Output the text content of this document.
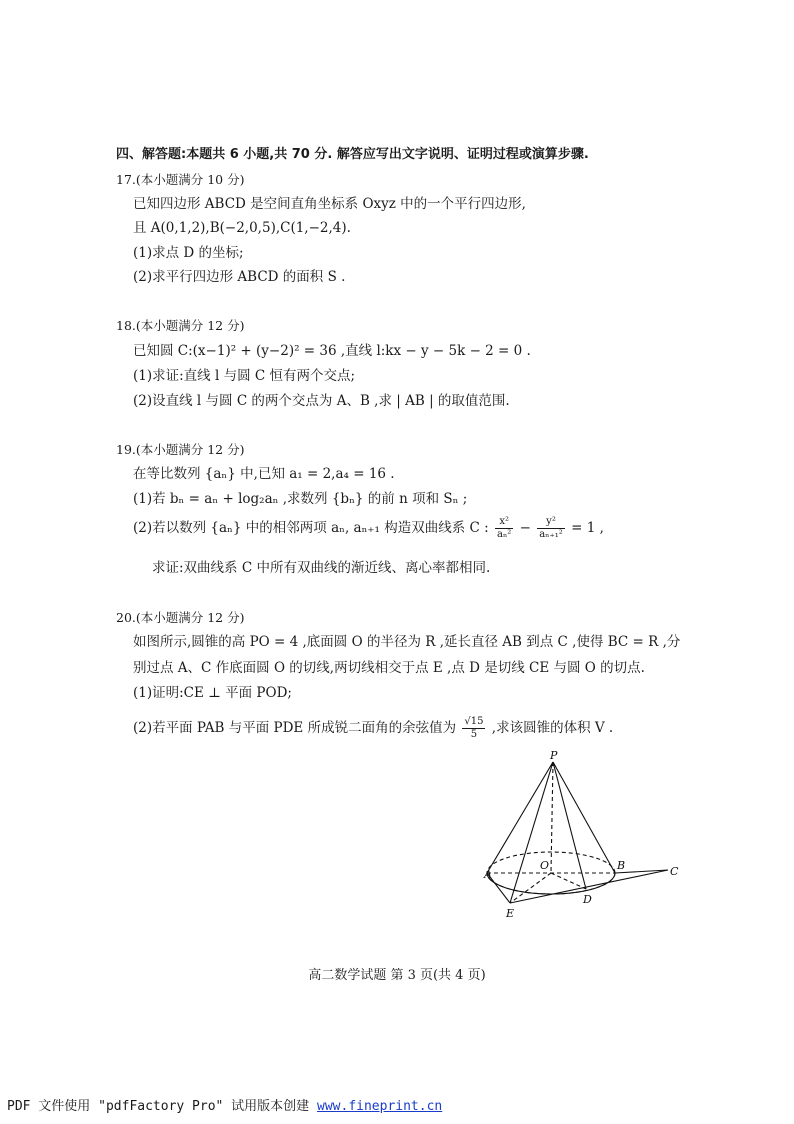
四、解答题:本题共 6 小题,共 70 分. 解答应写出文字说明、证明过程或演算步骤.
17.(本小题满分 10 分)
已知四边形 ABCD 是空间直角坐标系 Oxyz 中的一个平行四边形,
且 A(0,1,2),B(−2,0,5),C(1,−2,4).
(1)求点 D 的坐标;
(2)求平行四边形 ABCD 的面积 S .
18.(本小题满分 12 分)
已知圆 C:(x−1)² + (y−2)² = 36 ,直线 l:kx − y − 5k − 2 = 0 .
(1)求证:直线 l 与圆 C 恒有两个交点;
(2)设直线 l 与圆 C 的两个交点为 A、B ,求 | AB | 的取值范围.
19.(本小题满分 12 分)
在等比数列 {aₙ} 中,已知 a₁ = 2,a₄ = 16 .
(1)若 bₙ = aₙ + log₂aₙ ,求数列 {bₙ} 的前 n 项和 Sₙ ;
(2)若以数列 {aₙ} 中的相邻两项 aₙ, aₙ₊₁ 构造双曲线系 C : $\frac{\text{x²}}{\text{aₙ²}} - \frac{\text{y²}}{\text{aₙ₊₁²}} = 1$ ,
求证:双曲线系 C 中所有双曲线的渐近线、离心率都相同.
20.(本小题满分 12 分)
如图所示,圆锥的高 PO = 4 ,底面圆 O 的半径为 R ,延长直径 AB 到点 C ,使得 BC = R ,分
别过点 A、C 作底面圆 O 的切线,两切线相交于点 E ,点 D 是切线 CE 与圆 O 的切点.
(1)证明:CE ⊥ 平面 POD;
(2)若平面 PAB 与平面 PDE 所成锐二面角的余弦值为 $\frac{√15}{5}$ ,求该圆锥的体积 V .
P
O
A
B	C
D
E
高二数学试题 第 3 页(共 4 页)
PDF 文件使用 "pdfFactory Pro" 试用版本创建 www.fineprint.cn
